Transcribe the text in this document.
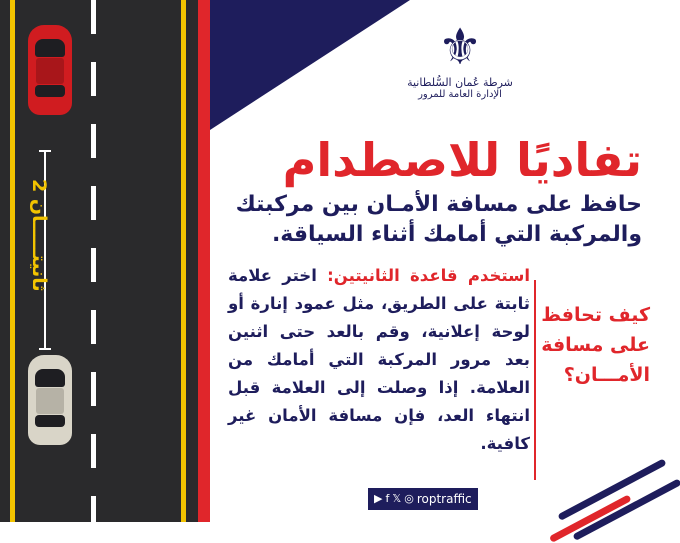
2 ثانيتـــــان
⚜
شرطة عُمان السُّلطانية
الإدارة العامة للمرور
تفاديًا للاصطدام
حافظ على مسافة الأمـان بين مركبتك والمركبة التي أمامك أثناء السياقة.
استخدم قاعدة الثانيتين: اختر علامة ثابتة على الطريق، مثل عمود إنارة أو لوحة إعلانية، وقم بالعد حتى اثنين بعد مرور المركبة التي أمامك من العلامة. إذا وصلت إلى العلامة قبل انتهاء العد، فإن مسافة الأمان غير كافية.
كيف تحافظ على مسافة الأمـــان؟
▶ f 𝕏 ◎ roptraffic
